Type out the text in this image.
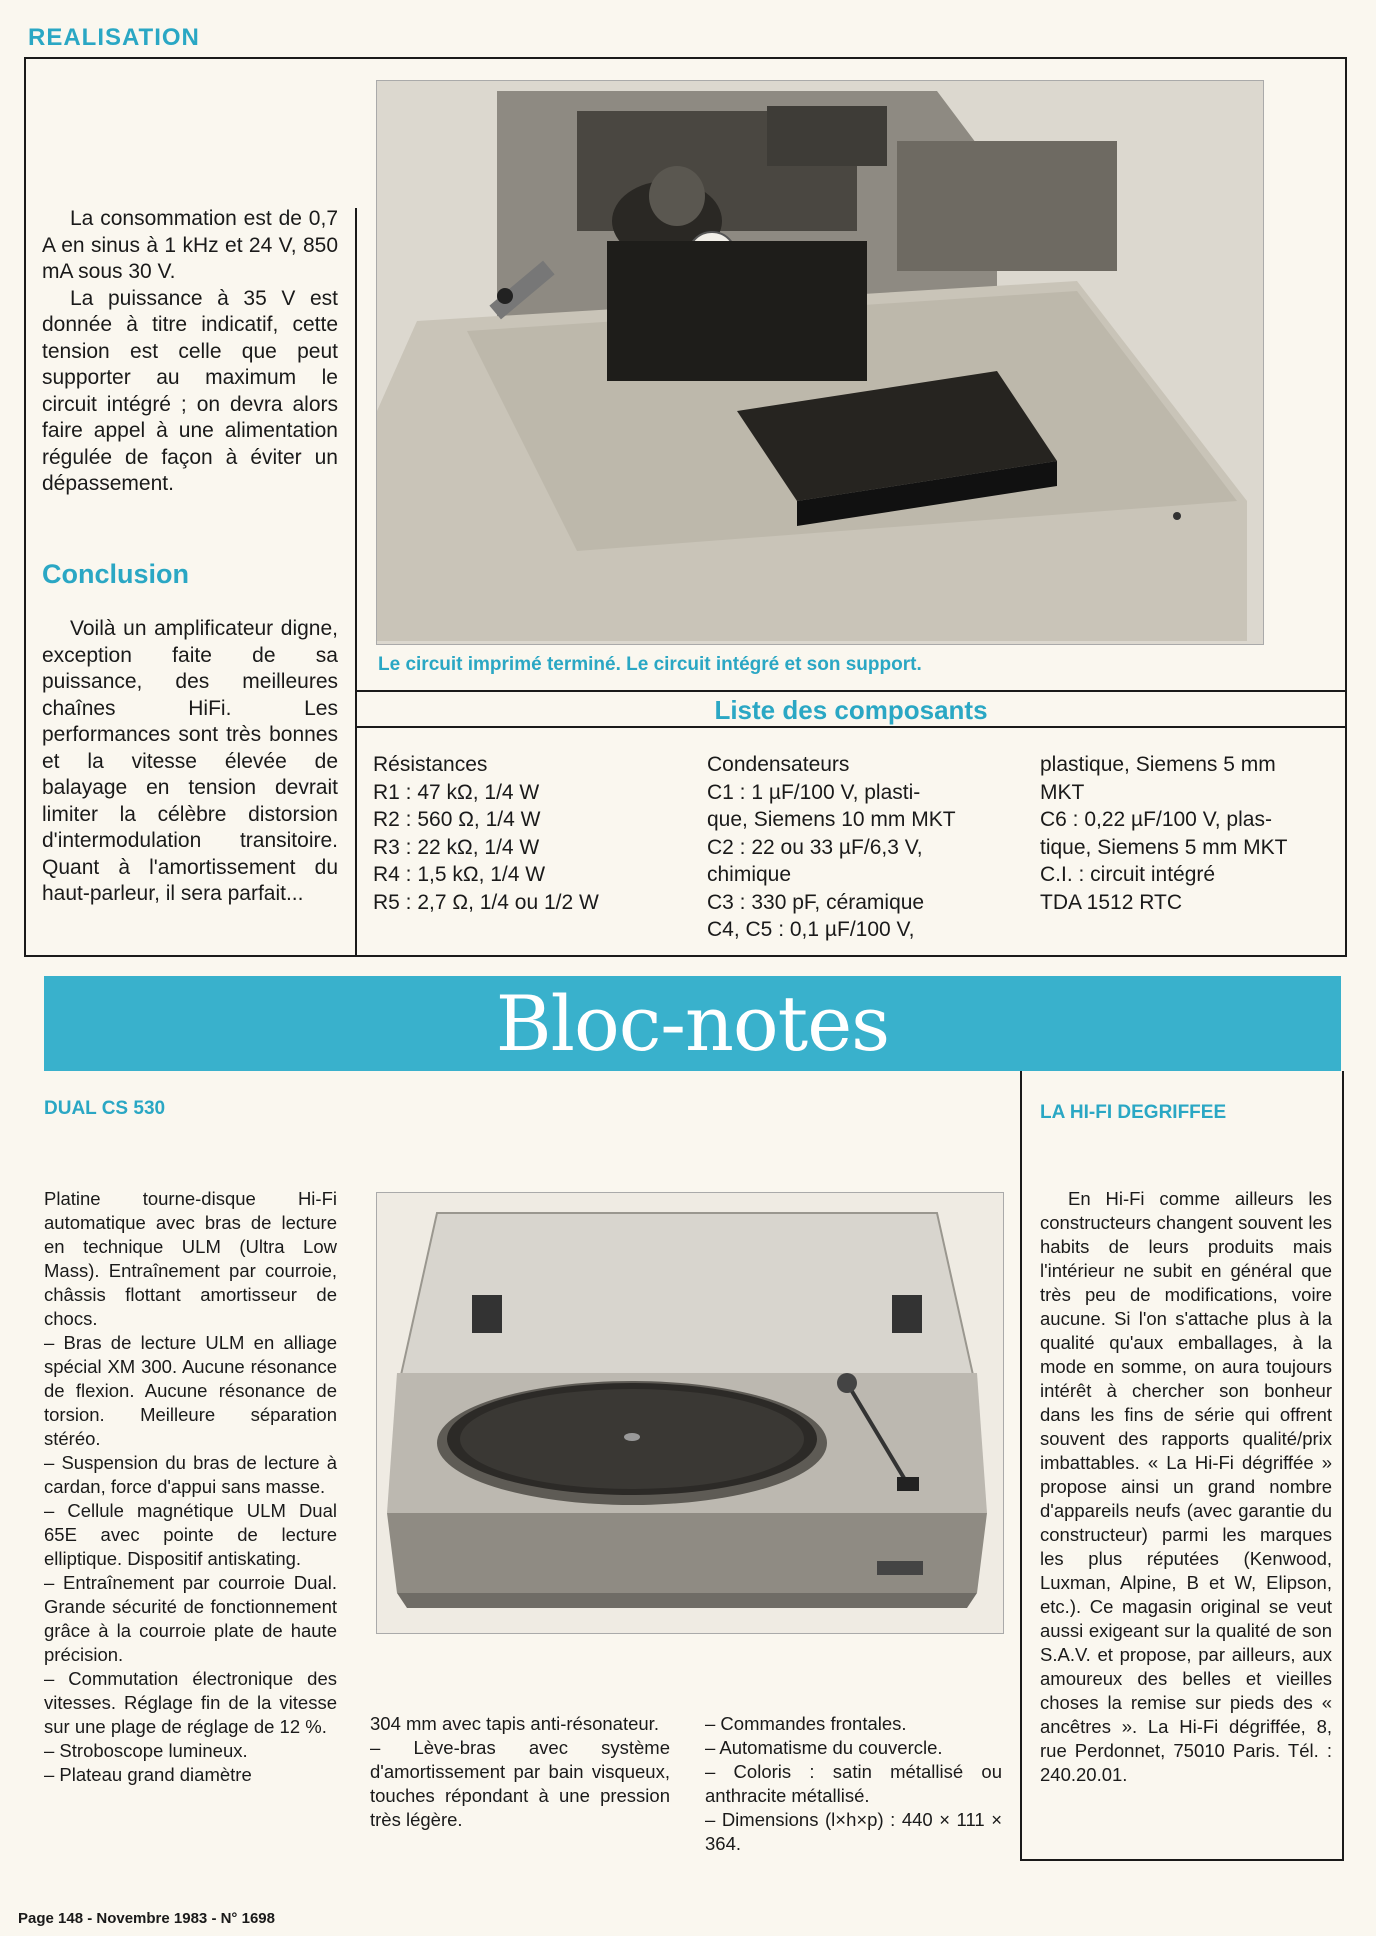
REALISATION

La consommation est de 0,7 A en sinus à 1 kHz et 24 V, 850 mA sous 30 V.

La puissance à 35 V est donnée à titre indicatif, cette tension est celle que peut supporter au maximum le circuit intégré ; on devra alors faire appel à une alimentation régulée de façon à éviter un dépassement.

Conclusion

Voilà un amplificateur digne, exception faite de sa puissance, des meilleures chaînes HiFi. Les performances sont très bonnes et la vitesse élevée de balayage en tension devrait limiter la célèbre distorsion d'intermodulation transitoire. Quant à l'amortissement du haut-parleur, il sera parfait...

Le circuit imprimé terminé. Le circuit intégré et son support.
Liste des composants
Résistances
R1 : 47 kΩ, 1/4 W
R2 : 560 Ω, 1/4 W
R3 : 22 kΩ, 1/4 W
R4 : 1,5 kΩ, 1/4 W
R5 : 2,7 Ω, 1/4 ou 1/2 W
Condensateurs
C1 : 1 µF/100 V, plasti-
que, Siemens 10 mm MKT
C2 : 22 ou 33 µF/6,3 V,
chimique
C3 : 330 pF, céramique
C4, C5 : 0,1 µF/100 V,
plastique, Siemens 5 mm
MKT
C6 : 0,22 µF/100 V, plas-
tique, Siemens 5 mm MKT
C.I. : circuit intégré
TDA 1512 RTC
Bloc-notes
DUAL CS 530	LA HI-FI DEGRIFFEE
Platine tourne-disque Hi-Fi automatique avec bras de lecture en technique ULM (Ultra Low Mass). Entraînement par courroie, châssis flottant amortisseur de chocs.
– Bras de lecture ULM en alliage spécial XM 300. Aucune résonance de flexion. Aucune résonance de torsion. Meilleure séparation stéréo.
– Suspension du bras de lecture à cardan, force d'appui sans masse.
– Cellule magnétique ULM Dual 65E avec pointe de lecture elliptique. Dispositif antiskating.
– Entraînement par courroie Dual. Grande sécurité de fonctionnement grâce à la courroie plate de haute précision.
– Commutation électronique des vitesses. Réglage fin de la vitesse sur une plage de réglage de 12 %.
– Stroboscope lumineux.
– Plateau grand diamètre
304 mm avec tapis anti-résonateur.
– Lève-bras avec système d'amortissement par bain visqueux, touches répondant à une pression très légère.
– Commandes frontales.
– Automatisme du couvercle.
– Coloris : satin métallisé ou anthracite métallisé.
– Dimensions (l×h×p) : 440 × 111 × 364.

En Hi-Fi comme ailleurs les constructeurs changent souvent les habits de leurs produits mais l'intérieur ne subit en général que très peu de modifications, voire aucune. Si l'on s'attache plus à la qualité qu'aux emballages, à la mode en somme, on aura toujours intérêt à chercher son bonheur dans les fins de série qui offrent souvent des rapports qualité/prix imbattables. « La Hi-Fi dégriffée » propose ainsi un grand nombre d'appareils neufs (avec garantie du constructeur) parmi les marques les plus réputées (Kenwood, Luxman, Alpine, B et W, Elipson, etc.). Ce magasin original se veut aussi exigeant sur la qualité de son S.A.V. et propose, par ailleurs, aux amoureux des belles et vieilles choses la remise sur pieds des « ancêtres ». La Hi-Fi dégriffée, 8, rue Perdonnet, 75010 Paris. Tél. : 240.20.01.

Page 148 - Novembre 1983 - N° 1698
